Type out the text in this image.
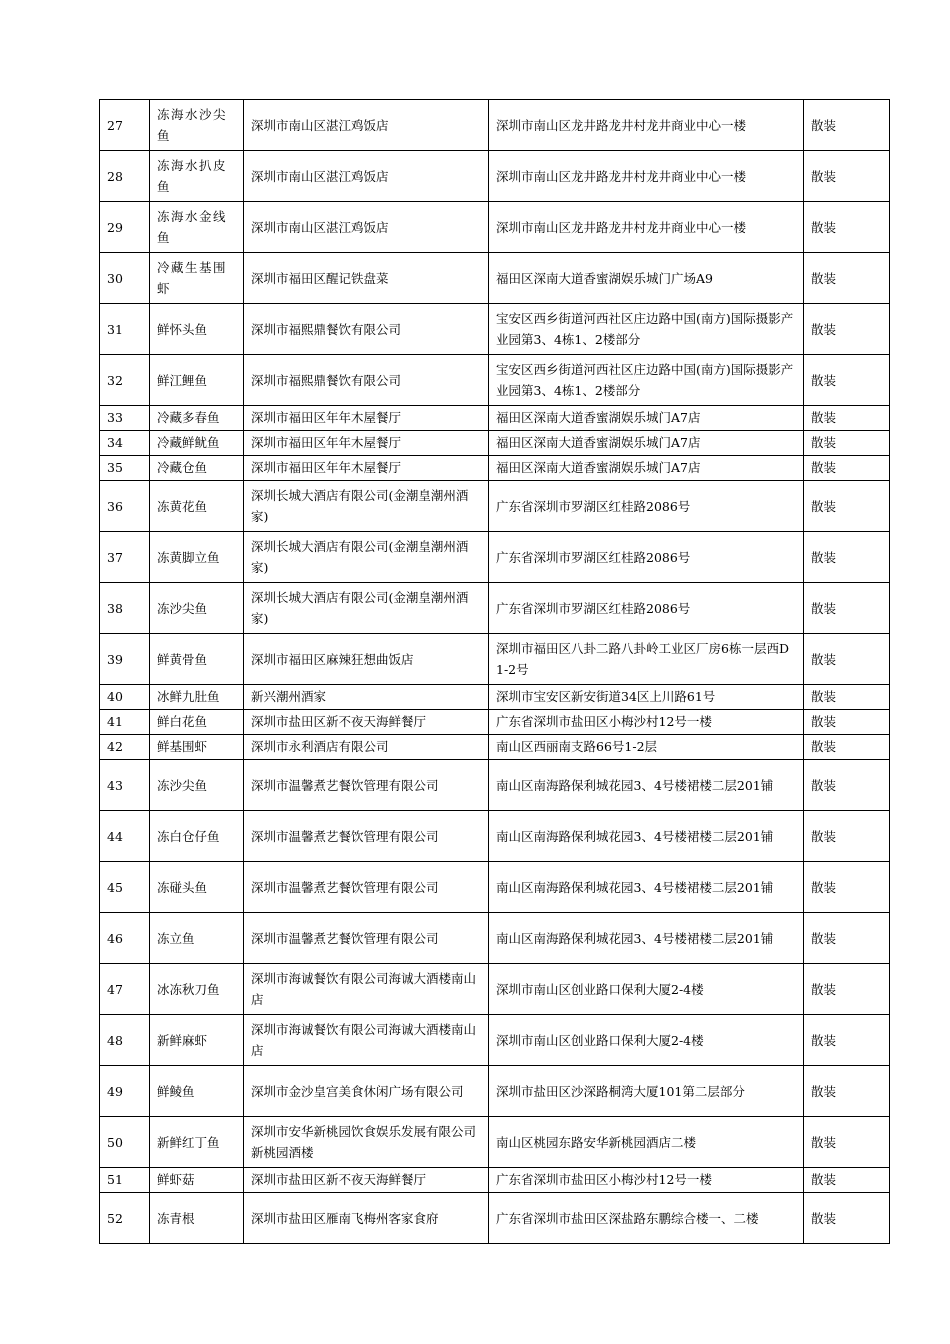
27	冻海水沙尖鱼	深圳市南山区湛江鸡饭店	深圳市南山区龙井路龙井村龙井商业中心一楼	散装
28	冻海水扒皮鱼	深圳市南山区湛江鸡饭店	深圳市南山区龙井路龙井村龙井商业中心一楼	散装
29	冻海水金线鱼	深圳市南山区湛江鸡饭店	深圳市南山区龙井路龙井村龙井商业中心一楼	散装
30	冷藏生基围虾	深圳市福田区醒记铁盘菜	福田区深南大道香蜜湖娱乐城门广场A9	散装
31	鲜怀头鱼	深圳市福熙鼎餐饮有限公司	宝安区西乡街道河西社区庄边路中国(南方)国际摄影产业园第3、4栋1、2楼部分	散装
32	鲜江鲤鱼	深圳市福熙鼎餐饮有限公司	宝安区西乡街道河西社区庄边路中国(南方)国际摄影产业园第3、4栋1、2楼部分	散装
33	冷藏多春鱼	深圳市福田区年年木屋餐厅	福田区深南大道香蜜湖娱乐城门A7店	散装
34	冷藏鲜鱿鱼	深圳市福田区年年木屋餐厅	福田区深南大道香蜜湖娱乐城门A7店	散装
35	冷藏仓鱼	深圳市福田区年年木屋餐厅	福田区深南大道香蜜湖娱乐城门A7店	散装
36	冻黄花鱼	深圳长城大酒店有限公司(金潮皇潮州酒家)	广东省深圳市罗湖区红桂路2086号	散装
37	冻黄脚立鱼	深圳长城大酒店有限公司(金潮皇潮州酒家)	广东省深圳市罗湖区红桂路2086号	散装
38	冻沙尖鱼	深圳长城大酒店有限公司(金潮皇潮州酒家)	广东省深圳市罗湖区红桂路2086号	散装
39	鲜黄骨鱼	深圳市福田区麻辣狂想曲饭店	深圳市福田区八卦二路八卦岭工业区厂房6栋一层西D1-2号	散装
40	冰鲜九肚鱼	新兴潮州酒家	深圳市宝安区新安街道34区上川路61号	散装
41	鲜白花鱼	深圳市盐田区新不夜天海鲜餐厅	广东省深圳市盐田区小梅沙村12号一楼	散装
42	鲜基围虾	深圳市永利酒店有限公司	南山区西丽南支路66号1-2层	散装
43	冻沙尖鱼	深圳市温馨煮艺餐饮管理有限公司	南山区南海路保利城花园3、4号楼裙楼二层201铺	散装
44	冻白仓仔鱼	深圳市温馨煮艺餐饮管理有限公司	南山区南海路保利城花园3、4号楼裙楼二层201铺	散装
45	冻碰头鱼	深圳市温馨煮艺餐饮管理有限公司	南山区南海路保利城花园3、4号楼裙楼二层201铺	散装
46	冻立鱼	深圳市温馨煮艺餐饮管理有限公司	南山区南海路保利城花园3、4号楼裙楼二层201铺	散装
47	冰冻秋刀鱼	深圳市海诚餐饮有限公司海诚大酒楼南山店	深圳市南山区创业路口保利大厦2-4楼	散装
48	新鲜麻虾	深圳市海诚餐饮有限公司海诚大酒楼南山店	深圳市南山区创业路口保利大厦2-4楼	散装
49	鲜鲮鱼	深圳市金沙皇宫美食休闲广场有限公司	深圳市盐田区沙深路桐湾大厦101第二层部分	散装
50	新鲜红丁鱼	深圳市安华新桃园饮食娱乐发展有限公司新桃园酒楼	南山区桃园东路安华新桃园酒店二楼	散装
51	鲜虾菇	深圳市盐田区新不夜天海鲜餐厅	广东省深圳市盐田区小梅沙村12号一楼	散装
52	冻青根	深圳市盐田区雁南飞梅州客家食府	广东省深圳市盐田区深盐路东鹏综合楼一、二楼	散装
